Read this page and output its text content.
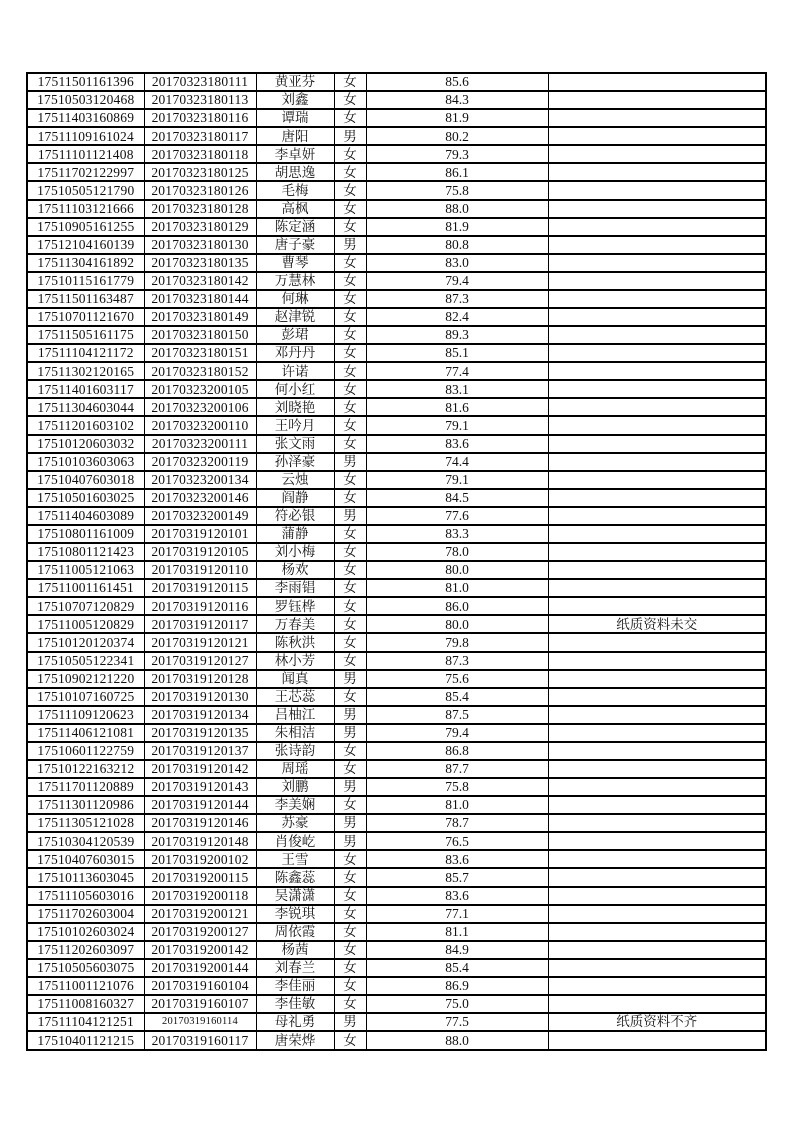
17511501161396	20170323180111	黄亚芬	女	85.6	
17510503120468	20170323180113	刘鑫	女	84.3	
17511403160869	20170323180116	谭瑞	女	81.9	
17511109161024	20170323180117	唐阳	男	80.2	
17511101121408	20170323180118	李卓妍	女	79.3	
17511702122997	20170323180125	胡思逸	女	86.1	
17510505121790	20170323180126	毛梅	女	75.8	
17511103121666	20170323180128	高枫	女	88.0	
17510905161255	20170323180129	陈定涵	女	81.9	
17512104160139	20170323180130	唐子豪	男	80.8	
17511304161892	20170323180135	曹琴	女	83.0	
17510115161779	20170323180142	万慧林	女	79.4	
17511501163487	20170323180144	何琳	女	87.3	
17510701121670	20170323180149	赵津锐	女	82.4	
17511505161175	20170323180150	彭珺	女	89.3	
17511104121172	20170323180151	邓丹丹	女	85.1	
17511302120165	20170323180152	许诺	女	77.4	
17511401603117	20170323200105	何小红	女	83.1	
17511304603044	20170323200106	刘晓艳	女	81.6	
17511201603102	20170323200110	王吟月	女	79.1	
17510120603032	20170323200111	张文雨	女	83.6	
17510103603063	20170323200119	孙泽豪	男	74.4	
17510407603018	20170323200134	云烛	女	79.1	
17510501603025	20170323200146	阎静	女	84.5	
17511404603089	20170323200149	符必银	男	77.6	
17510801161009	20170319120101	蒲静	女	83.3	
17510801121423	20170319120105	刘小梅	女	78.0	
17511005121063	20170319120110	杨欢	女	80.0	
17511001161451	20170319120115	李雨锠	女	81.0	
17510707120829	20170319120116	罗钰桦	女	86.0	
17511005120829	20170319120117	万春美	女	80.0	纸质资料未交
17510120120374	20170319120121	陈秋洪	女	79.8	
17510505122341	20170319120127	林小芳	女	87.3	
17510902121220	20170319120128	闻真	男	75.6	
17510107160725	20170319120130	王芯蕊	女	85.4	
17511109120623	20170319120134	吕柚江	男	87.5	
17511406121081	20170319120135	朱相洁	男	79.4	
17510601122759	20170319120137	张诗韵	女	86.8	
17510122163212	20170319120142	周瑶	女	87.7	
17511701120889	20170319120143	刘鹏	男	75.8	
17511301120986	20170319120144	李美娴	女	81.0	
17511305121028	20170319120146	苏豪	男	78.7	
17510304120539	20170319120148	肖俊屹	男	76.5	
17510407603015	20170319200102	王雪	女	83.6	
17510113603045	20170319200115	陈鑫蕊	女	85.7	
17511105603016	20170319200118	吴潇潇	女	83.6	
17511702603004	20170319200121	李锐琪	女	77.1	
17510102603024	20170319200127	周依霞	女	81.1	
17511202603097	20170319200142	杨茜	女	84.9	
17510505603075	20170319200144	刘春兰	女	85.4	
17511001121076	20170319160104	李佳丽	女	86.9	
17511008160327	20170319160107	李佳敏	女	75.0	
17511104121251	20170319160114	母礼勇	男	77.5	纸质资料不齐
17510401121215	20170319160117	唐荣烨	女	88.0	
